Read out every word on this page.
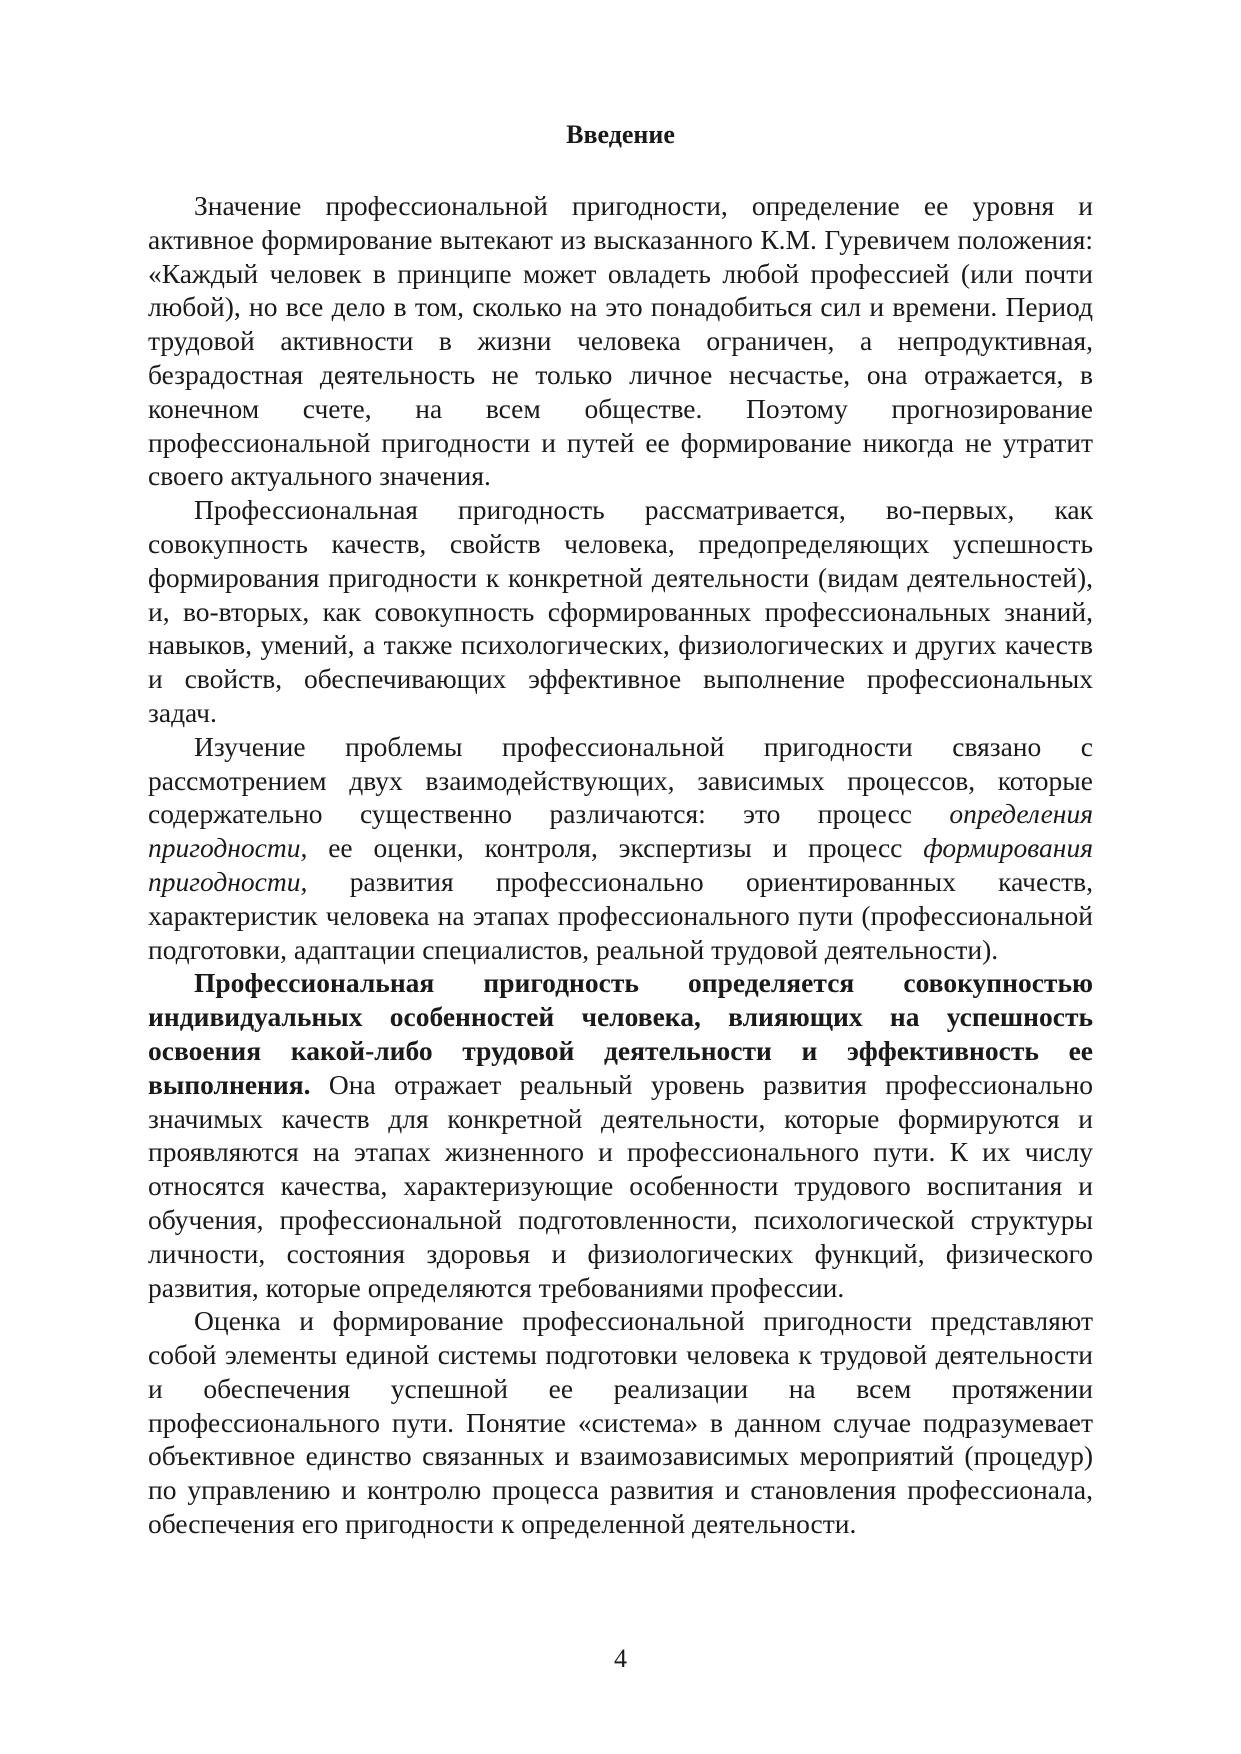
Введение

Значение профессиональной пригодности, определение ее уровня и активное формирование вытекают из высказанного К.М. Гуревичем положения: «Каждый человек в принципе может овладеть любой профессией (или почти любой), но все дело в том, сколько на это понадобиться сил и времени. Период трудовой активности в жизни человека ограничен, а непродуктивная, безрадостная деятельность не только личное несчастье, она отражается, в конечном счете, на всем обществе. Поэтому прогнозирование профессиональной пригодности и путей ее формирование никогда не утратит своего актуального значения.

Профессиональная пригодность рассматривается, во-первых, как совокупность качеств, свойств человека, предопределяющих успешность формирования пригодности к конкретной деятельности (видам деятельностей), и, во-вторых, как совокупность сформированных профессиональных знаний, навыков, умений, а также психологических, физиологических и других качеств и свойств, обеспечивающих эффективное выполнение профессиональных задач.

Изучение проблемы профессиональной пригодности связано с рассмотрением двух взаимодействующих, зависимых процессов, которые содержательно существенно различаются: это процесс определения пригодности, ее оценки, контроля, экспертизы и процесс формирования пригодности, развития профессионально ориентированных качеств, характеристик человека на этапах профессионального пути (профессиональной подготовки, адаптации специалистов, реальной трудовой деятельности).

Профессиональная пригодность определяется совокупностью индивидуальных особенностей человека, влияющих на успешность освоения какой-либо трудовой деятельности и эффективность ее выполнения. Она отражает реальный уровень развития профессионально значимых качеств для конкретной деятельности, которые формируются и проявляются на этапах жизненного и профессионального пути. К их числу относятся качества, характеризующие особенности трудового воспитания и обучения, профессиональной подготовленности, психологической структуры личности, состояния здоровья и физиологических функций, физического развития, которые определяются требованиями профессии.

Оценка и формирование профессиональной пригодности представляют собой элементы единой системы подготовки человека к трудовой деятельности и обеспечения успешной ее реализации на всем протяжении профессионального пути. Понятие «система» в данном случае подразумевает объективное единство связанных и взаимозависимых мероприятий (процедур) по управлению и контролю процесса развития и становления профессионала, обеспечения его пригодности к определенной деятельности.

4
